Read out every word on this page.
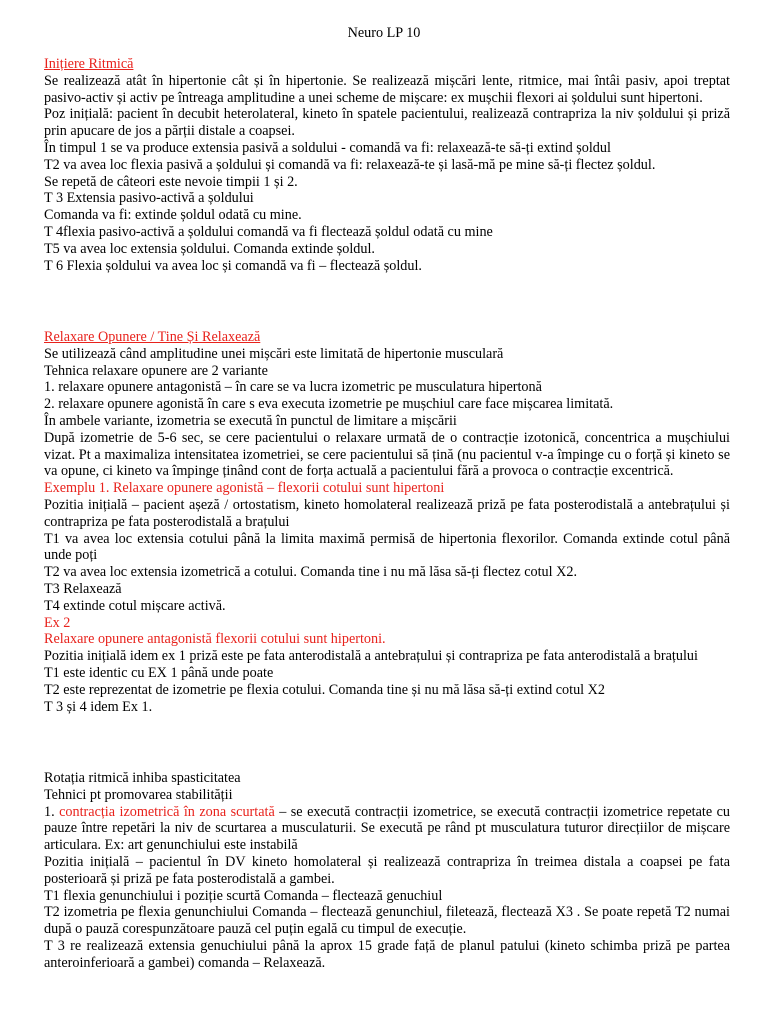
Neuro LP 10

Inițiere Ritmică

Se realizează atât în hipertonie cât și în hipertonie. Se realizează mișcări lente, ritmice, mai întâi pasiv, apoi treptat pasivo-activ și activ pe întreaga amplitudine a unei scheme de mișcare: ex mușchii flexori ai șoldului sunt hipertoni.

Poz inițială: pacient în decubit heterolateral, kineto în spatele pacientului, realizează contrapriza la niv șoldului și priză prin apucare de jos a părții distale a coapsei.

În timpul 1 se va produce extensia pasivă a soldului - comandă va fi: relaxează-te să-ți extind șoldul

T2 va avea loc flexia pasivă a șoldului și comandă va fi: relaxează-te și lasă-mă pe mine să-ți flectez șoldul.

Se repetă de câteori este nevoie timpii 1 și 2.

T 3 Extensia pasivo-activă a șoldului

Comanda va fi: extinde șoldul odată cu mine.

T 4flexia pasivo-activă a șoldului comandă va fi flectează șoldul odată cu mine

T5 va avea loc extensia șoldului. Comanda extinde șoldul.

T 6 Flexia șoldului va avea loc și comandă va fi – flectează șoldul.

Relaxare Opunere / Tine Și Relaxează

Se utilizează când amplitudine unei mișcări este limitată de hipertonie musculară

Tehnica relaxare opunere are 2 variante

1. relaxare opunere antagonistă – în care se va lucra izometric pe musculatura hipertonă

2. relaxare opunere agonistă în care s eva executa izometrie pe mușchiul care face mișcarea limitată.

În ambele variante, izometria se execută în punctul de limitare a mișcării

După izometrie de 5-6 sec, se cere pacientului o relaxare urmată de o contracție izotonică, concentrica a mușchiului vizat. Pt a maximaliza intensitatea izometriei, se cere pacientului să țină (nu pacientul v-a împinge cu o forță și kineto se va opune, ci kineto va împinge ținând cont de forța actuală a pacientului fără a provoca o contracție excentrică.

Exemplu 1. Relaxare opunere agonistă – flexorii cotului sunt hipertoni

Pozitia inițială – pacient așeză / ortostatism, kineto homolateral realizează priză pe fata posterodistală a antebrațului și contrapriza pe fata posterodistală a brațului

T1 va avea loc extensia cotului până la limita maximă permisă de hipertonia flexorilor. Comanda extinde cotul până unde poți

T2 va avea loc extensia izometrică a cotului. Comanda tine i nu mă lăsa să-ți flectez cotul X2.

T3 Relaxează

T4 extinde cotul mișcare activă.

Ex 2

Relaxare opunere antagonistă flexorii cotului sunt hipertoni.

Pozitia inițială idem ex 1 priză este pe fata anterodistală a antebrațului și contrapriza pe fata anterodistală a brațului

T1 este identic cu EX 1 până unde poate

T2 este reprezentat de izometrie pe flexia cotului. Comanda tine și nu mă lăsa să-ți extind cotul X2

T 3 și 4 idem Ex 1.

Rotația ritmică inhiba spasticitatea

Tehnici pt promovarea stabilității

1. contracția izometrică în zona scurtată – se execută contracții izometrice, se execută contracții izometrice repetate cu pauze între repetări la niv de scurtarea a musculaturii. Se execută pe rând pt musculatura tuturor direcțiilor de mișcare articulara. Ex: art genunchiului este instabilă

Pozitia inițială – pacientul în DV kineto homolateral și realizează contrapriza în treimea distala a coapsei pe fata posterioară și priză pe fata posterodistală a gambei.

T1 flexia genunchiului i poziție scurtă Comanda – flectează genuchiul

T2 izometria pe flexia genunchiului Comanda – flectează genunchiul, filetează, flectează X3 . Se poate repetă T2 numai după o pauză corespunzătoare pauză cel puțin egală cu timpul de execuție.

T 3 re realizează extensia genuchiului până la aprox 15 grade față de planul patului (kineto schimba priză pe partea anteroinferioară a gambei) comanda – Relaxează.
